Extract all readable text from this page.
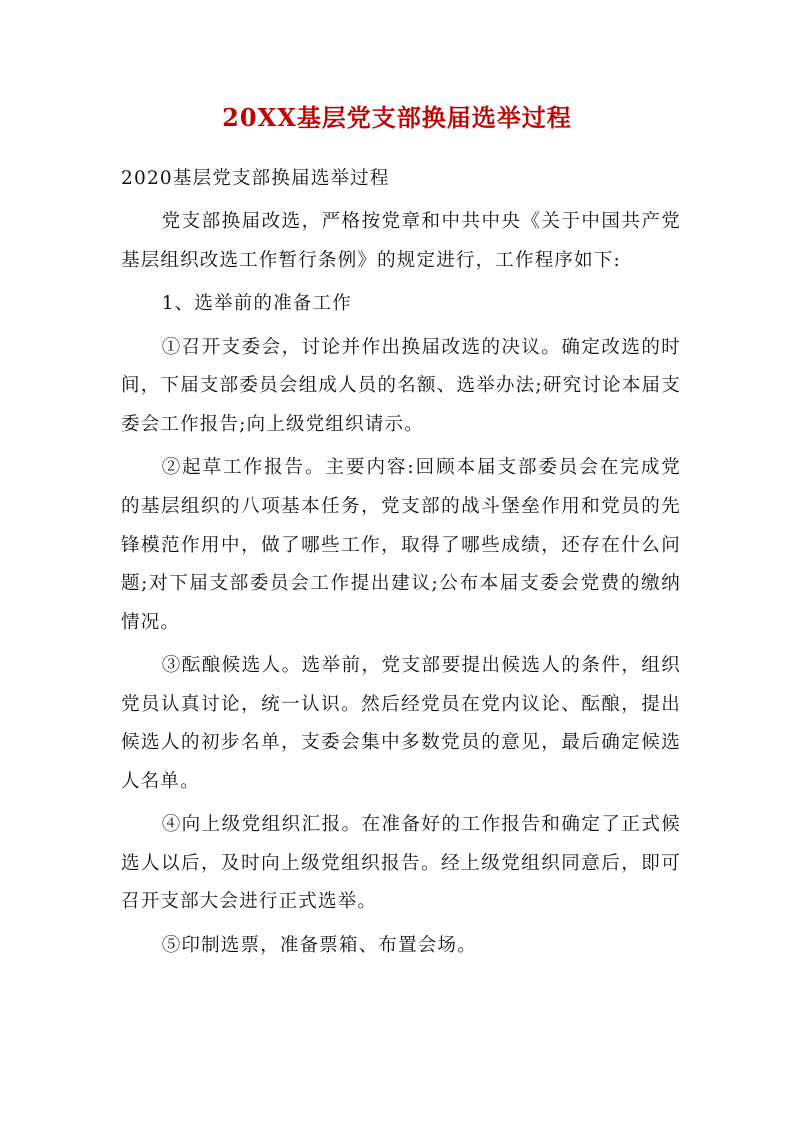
20XX基层党支部换届选举过程

2020基层党支部换届选举过程

党支部换届改选，严格按党章和中共中央《关于中国共产党基层组织改选工作暂行条例》的规定进行，工作程序如下:

1、选举前的准备工作

①召开支委会，讨论并作出换届改选的决议。确定改选的时间，下届支部委员会组成人员的名额、选举办法;研究讨论本届支委会工作报告;向上级党组织请示。

②起草工作报告。主要内容:回顾本届支部委员会在完成党的基层组织的八项基本任务，党支部的战斗堡垒作用和党员的先锋模范作用中，做了哪些工作，取得了哪些成绩，还存在什么问题;对下届支部委员会工作提出建议;公布本届支委会党费的缴纳情况。

③酝酿候选人。选举前，党支部要提出候选人的条件，组织党员认真讨论，统一认识。然后经党员在党内议论、酝酿，提出候选人的初步名单，支委会集中多数党员的意见，最后确定候选人名单。

④向上级党组织汇报。在准备好的工作报告和确定了正式候选人以后，及时向上级党组织报告。经上级党组织同意后，即可召开支部大会进行正式选举。

⑤印制选票，准备票箱、布置会场。
